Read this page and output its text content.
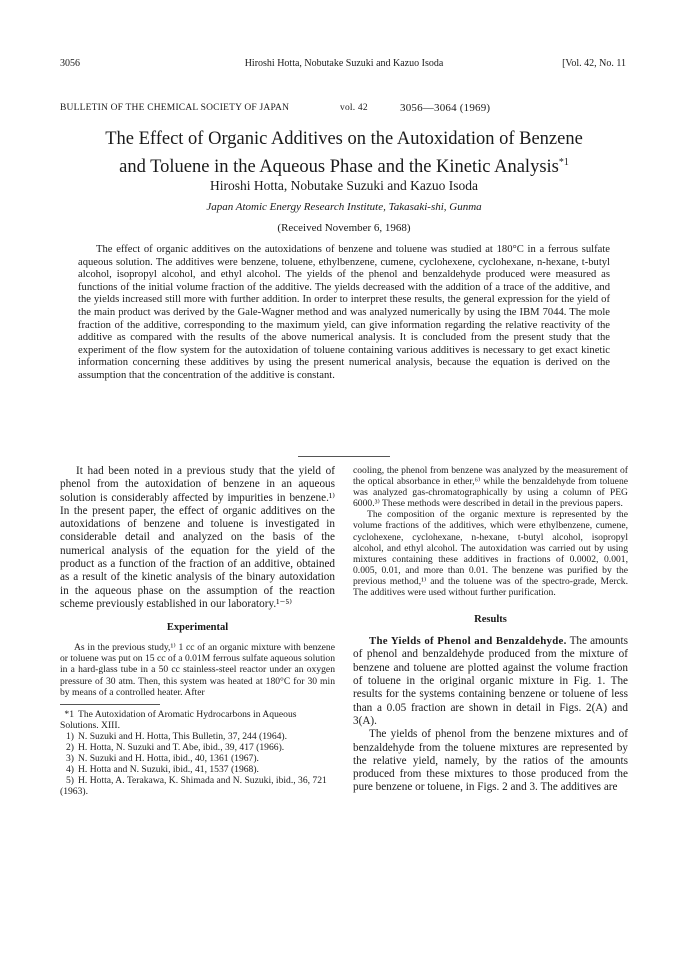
3056	Hiroshi Hotta, Nobutake Suzuki and Kazuo Isoda	[Vol. 42, No. 11
BULLETIN OF THE CHEMICAL SOCIETY OF JAPAN	vol. 42	3056—3064 (1969)
The Effect of Organic Additives on the Autoxidation of Benzene
and Toluene in the Aqueous Phase and the Kinetic Analysis$^{*1}$
Hiroshi Hotta, Nobutake Suzuki and Kazuo Isoda
Japan Atomic Energy Research Institute, Takasaki-shi, Gunma
(Received November 6, 1968)

The effect of organic additives on the autoxidations of benzene and toluene was studied at 180°C in a ferrous sulfate aqueous solution. The additives were benzene, toluene, ethylbenzene, cumene, cyclohexene, cyclohexane, n-hexane, t-butyl alcohol, isopropyl alcohol, and ethyl alcohol. The yields of the phenol and benzaldehyde produced were measured as functions of the initial volume fraction of the additive. The yields decreased with the addition of a trace of the additive, and the yields increased still more with further addition. In order to interpret these results, the general expression for the yield of the main product was derived by the Gale-Wagner method and was analyzed numerically by using the IBM 7044. The mole fraction of the additive, corresponding to the maximum yield, can give information regarding the relative reactivity of the additive as compared with the results of the above numerical analysis. It is concluded from the present study that the experiment of the flow system for the autoxidation of toluene containing various additives is necessary to get exact kinetic information concerning these additives by using the present numerical analysis, because the equation is derived on the assumption that the concentration of the additive is constant.

It had been noted in a previous study that the yield of phenol from the autoxidation of benzene in an aqueous solution is considerably affected by impurities in benzene.¹⁾ In the present paper, the effect of organic additives on the autoxidations of benzene and toluene is investigated in considerable detail and analyzed on the basis of the numerical analysis of the equation for the yield of the product as a function of the fraction of an additive, obtained as a result of the kinetic analysis of the binary autoxidation in the aqueous phase on the assumption of the reaction scheme previously established in our laboratory.¹⁻⁵⁾

Experimental

As in the previous study,¹⁾ 1 cc of an organic mixture with benzene or toluene was put on 15 cc of a 0.01M ferrous sulfate aqueous solution in a hard-glass tube in a 50 cc stainless-steel reactor under an oxygen pressure of 30 atm. Then, this system was heated at 180°C for 30 min by means of a controlled heater. After

*1 The Autoxidation of Aromatic Hydrocarbons in Aqueous Solutions. XIII.

1) N. Suzuki and H. Hotta, This Bulletin, 37, 244 (1964).

2) H. Hotta, N. Suzuki and T. Abe, ibid., 39, 417 (1966).

3) N. Suzuki and H. Hotta, ibid., 40, 1361 (1967).

4) H. Hotta and N. Suzuki, ibid., 41, 1537 (1968).

5) H. Hotta, A. Terakawa, K. Shimada and N. Suzuki, ibid., 36, 721 (1963).

cooling, the phenol from benzene was analyzed by the measurement of the optical absorbance in ether,⁶⁾ while the benzaldehyde from toluene was analyzed gas-chromatographically by using a column of PEG 6000.³⁾ These methods were described in detail in the previous papers.

The composition of the organic mexture is represented by the volume fractions of the additives, which were ethylbenzene, cumene, cyclohexene, cyclohexane, n-hexane, t-butyl alcohol, isopropyl alcohol, and ethyl alcohol. The autoxidation was carried out by using mixtures containing these additives in fractions of 0.0002, 0.001, 0.005, 0.01, and more than 0.01. The benzene was purified by the previous method,¹⁾ and the toluene was of the spectro-grade, Merck. The additives were used without further purification.

Results

The Yields of Phenol and Benzaldehyde. The amounts of phenol and benzaldehyde produced from the mixture of benzene and toluene are plotted against the volume fraction of toluene in the original organic mixture in Fig. 1. The results for the systems containing benzene or toluene of less than a 0.05 fraction are shown in detail in Figs. 2(A) and 3(A).

The yields of phenol from the benzene mixtures and of benzaldehyde from the toluene mixtures are represented by the relative yield, namely, by the ratios of the amounts produced from these mixtures to those produced from the pure benzene or toluene, in Figs. 2 and 3. The additives are
